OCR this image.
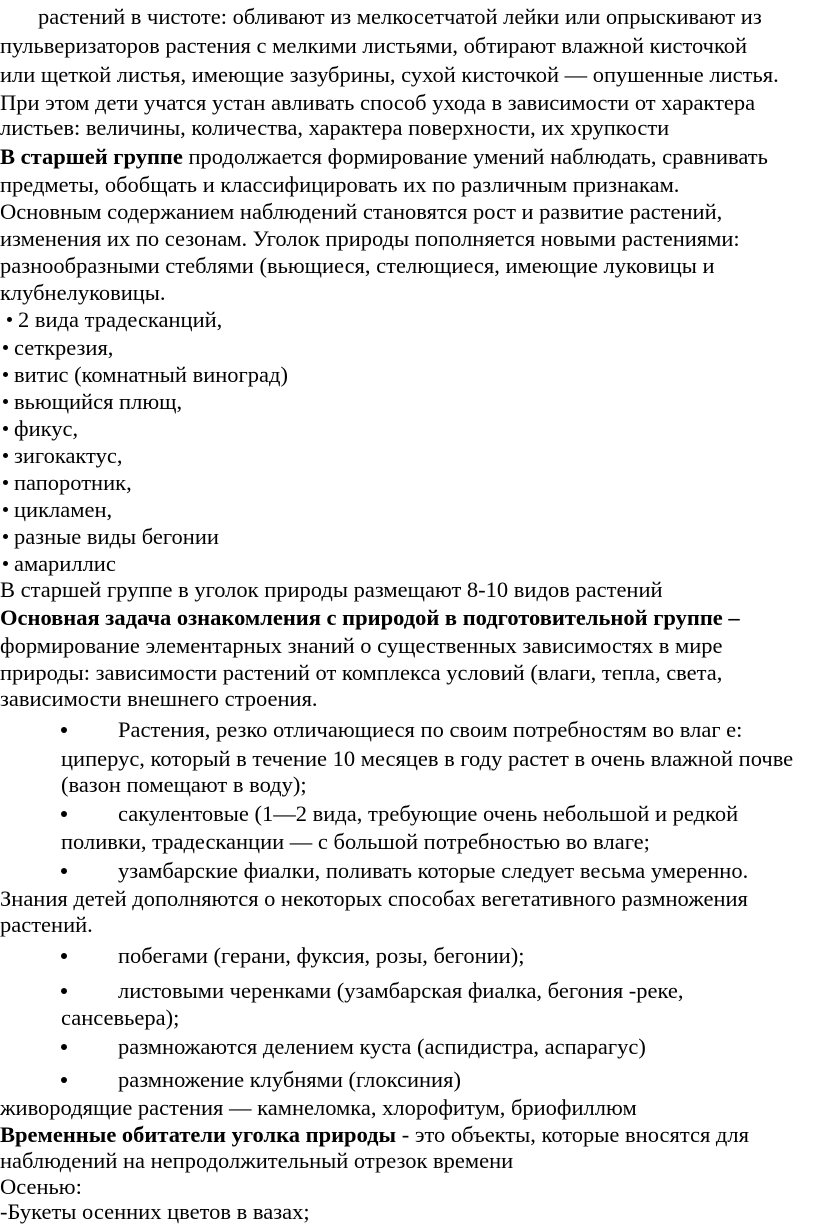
растений в чистоте: обливают из мелкосетчатой лейки или опрыскивают из
пульверизаторов растения с мелкими листьями, обтирают влажной кисточкой
или щеткой листья, имеющие зазубрины, сухой кисточкой — опушенные листья.
При этом дети учатся устан авливать способ ухода в зависимости от характера
листьев: величины, количества, характера поверхности, их хрупкости
В старшей группе продолжается формирование умений наблюдать, сравнивать
предметы, обобщать и классифицировать их по различным признакам.
Основным содержанием наблюдений становятся рост и развитие растений,
изменения их по сезонам. Уголок природы пополняется новыми растениями:
разнообразными стеблями (вьющиеся, стелющиеся, имеющие луковицы и
клубнелуковицы.
2 вида традесканций,
сеткрезия,
витис (комнатный виноград)
вьющийся плющ,
фикус,
зигокактус,
папоротник,
цикламен,
разные виды бегонии
амариллис
В старшей группе в уголок природы размещают 8-10 видов растений
Основная задача ознакомления с природой в подготовительной группе –
формирование элементарных знаний о существенных зависимостях в мире
природы: зависимости растений от комплекса условий (влаги, тепла, света,
зависимости внешнего строения.
Растения, резко отличающиеся по своим потребностям во влаг е:
циперус, который в течение 10 месяцев в году растет в очень влажной почве
(вазон помещают в воду);
сакулентовые (1—2 вида, требующие очень небольшой и редкой
поливки, традесканции — с большой потребностью во влаге;
узамбарские фиалки, поливать которые следует весьма умеренно.
Знания детей дополняются о некоторых способах вегетативного размножения
растений.
побегами (герани, фуксия, розы, бегонии);
листовыми черенками (узамбарская фиалка, бегония -реке,
сансевьера);
размножаются делением куста (аспидистра, аспарагус)
размножение клубнями (глоксиния)
живородящие растения — камнеломка, хлорофитум, бриофиллюм
Временные обитатели уголка природы - это объекты, которые вносятся для
наблюдений на непродолжительный отрезок времени
Осенью:
-Букеты осенних цветов в вазах;
